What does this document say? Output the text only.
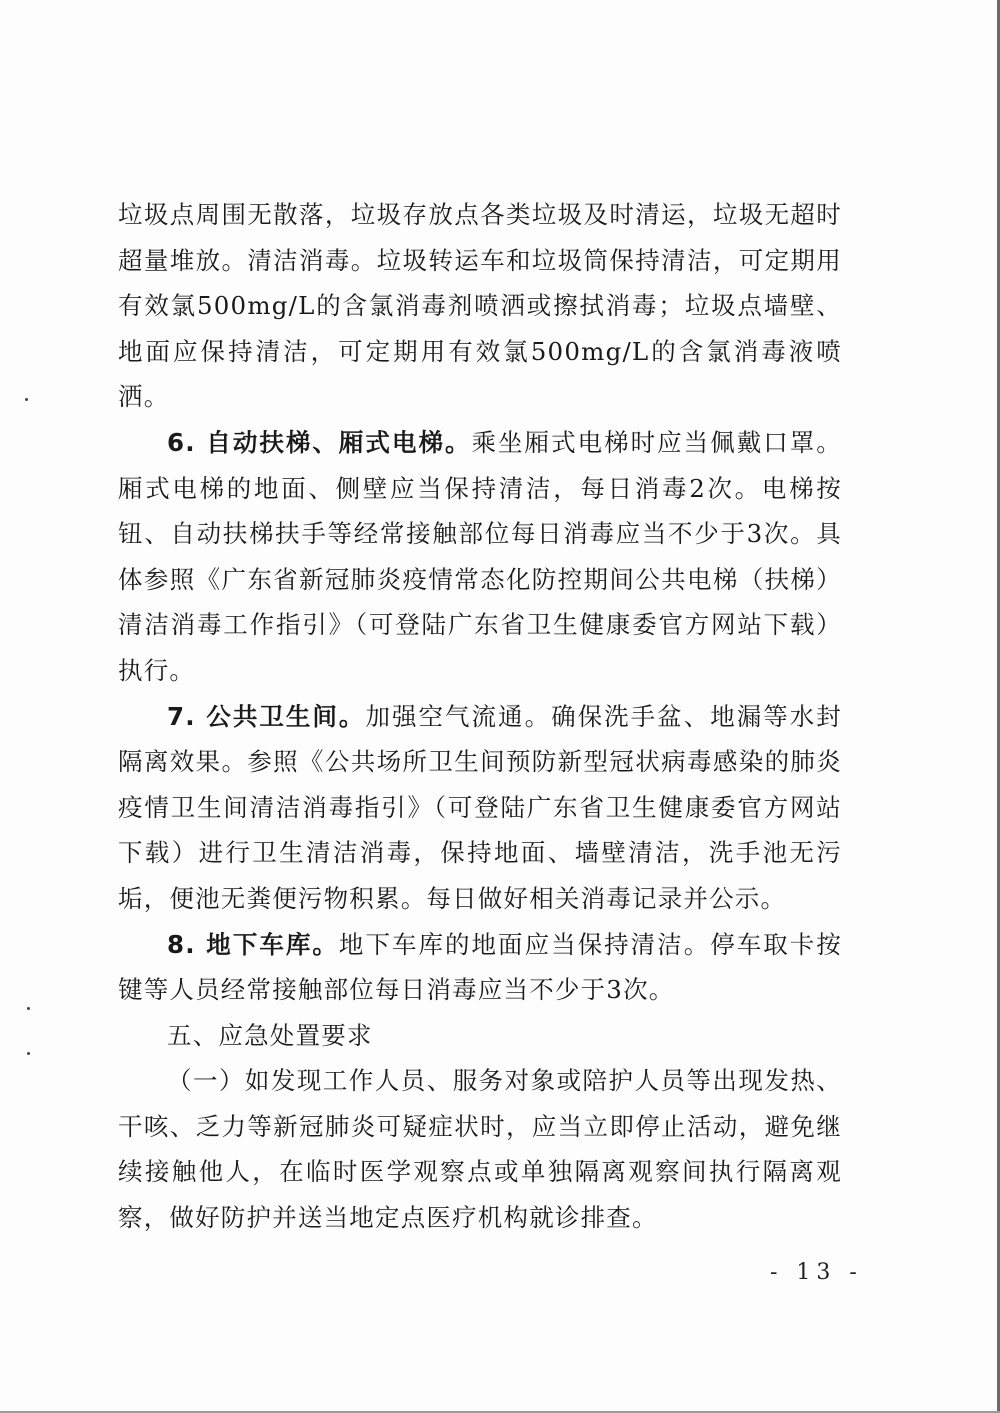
垃圾点周围无散落，垃圾存放点各类垃圾及时清运，垃圾无超时超量堆放。清洁消毒。垃圾转运车和垃圾筒保持清洁，可定期用有效氯500mg/L的含氯消毒剂喷洒或擦拭消毒；垃圾点墙壁、地面应保持清洁，可定期用有效氯500mg/L的含氯消毒液喷洒。

6. 自动扶梯、厢式电梯。乘坐厢式电梯时应当佩戴口罩。厢式电梯的地面、侧壁应当保持清洁，每日消毒2次。电梯按钮、自动扶梯扶手等经常接触部位每日消毒应当不少于3次。具体参照《广东省新冠肺炎疫情常态化防控期间公共电梯（扶梯）清洁消毒工作指引》（可登陆广东省卫生健康委官方网站下载）执行。

7. 公共卫生间。加强空气流通。确保洗手盆、地漏等水封隔离效果。参照《公共场所卫生间预防新型冠状病毒感染的肺炎疫情卫生间清洁消毒指引》（可登陆广东省卫生健康委官方网站下载）进行卫生清洁消毒，保持地面、墙壁清洁，洗手池无污垢，便池无粪便污物积累。每日做好相关消毒记录并公示。

8. 地下车库。地下车库的地面应当保持清洁。停车取卡按键等人员经常接触部位每日消毒应当不少于3次。

五、应急处置要求

（一）如发现工作人员、服务对象或陪护人员等出现发热、干咳、乏力等新冠肺炎可疑症状时，应当立即停止活动，避免继续接触他人，在临时医学观察点或单独隔离观察间执行隔离观察，做好防护并送当地定点医疗机构就诊排查。

- 13 -
